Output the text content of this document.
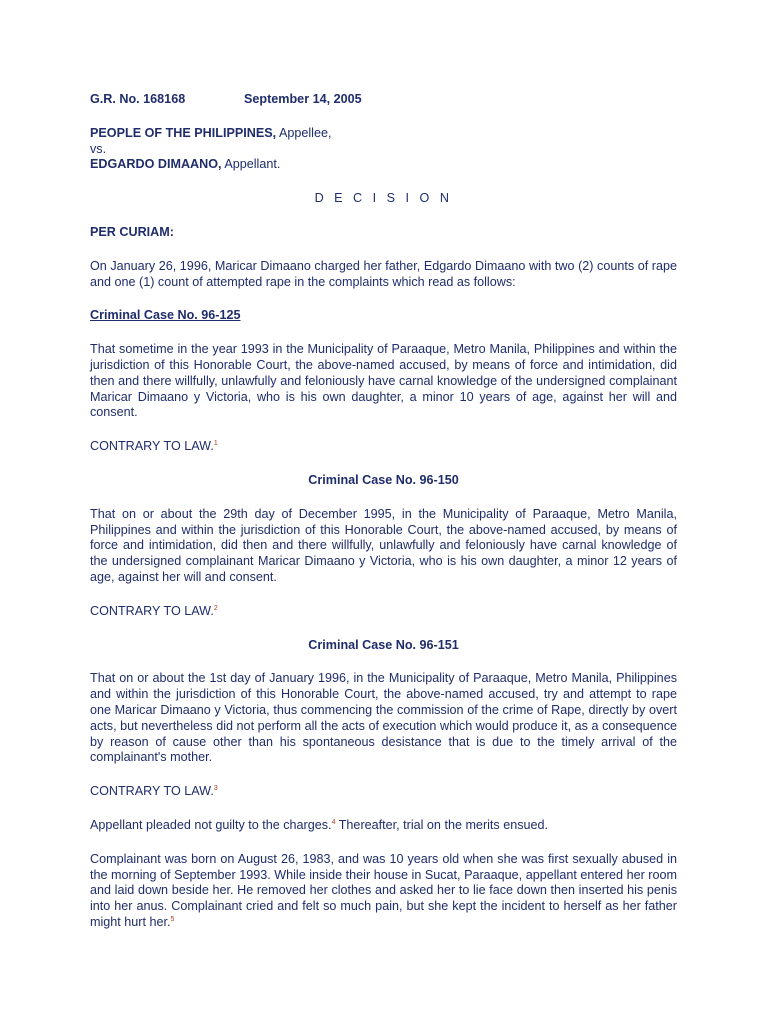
G.R. No. 168168	September 14, 2005
PEOPLE OF THE PHILIPPINES, Appellee,
vs.
EDGARDO DIMAANO, Appellant.
D E C I S I O N
PER CURIAM:
On January 26, 1996, Maricar Dimaano charged her father, Edgardo Dimaano with two (2) counts of rape and one (1) count of attempted rape in the complaints which read as follows:
Criminal Case No. 96-125
That sometime in the year 1993 in the Municipality of Paraaque, Metro Manila, Philippines and within the jurisdiction of this Honorable Court, the above-named accused, by means of force and intimidation, did then and there willfully, unlawfully and feloniously have carnal knowledge of the undersigned complainant Maricar Dimaano y Victoria, who is his own daughter, a minor 10 years of age, against her will and consent.
CONTRARY TO LAW.$^1$
Criminal Case No. 96-150
That on or about the 29th day of December 1995, in the Municipality of Paraaque, Metro Manila, Philippines and within the jurisdiction of this Honorable Court, the above-named accused, by means of force and intimidation, did then and there willfully, unlawfully and feloniously have carnal knowledge of the undersigned complainant Maricar Dimaano y Victoria, who is his own daughter, a minor 12 years of age, against her will and consent.
CONTRARY TO LAW.$^2$
Criminal Case No. 96-151
That on or about the 1st day of January 1996, in the Municipality of Paraaque, Metro Manila, Philippines and within the jurisdiction of this Honorable Court, the above-named accused, try and attempt to rape one Maricar Dimaano y Victoria, thus commencing the commission of the crime of Rape, directly by overt acts, but nevertheless did not perform all the acts of execution which would produce it, as a consequence by reason of cause other than his spontaneous desistance that is due to the timely arrival of the complainant's mother.
CONTRARY TO LAW.$^3$
Appellant pleaded not guilty to the charges.$^4$ Thereafter, trial on the merits ensued.
Complainant was born on August 26, 1983, and was 10 years old when she was first sexually abused in the morning of September 1993. While inside their house in Sucat, Paraaque, appellant entered her room and laid down beside her. He removed her clothes and asked her to lie face down then inserted his penis into her anus. Complainant cried and felt so much pain, but she kept the incident to herself as her father might hurt her.$^5$
